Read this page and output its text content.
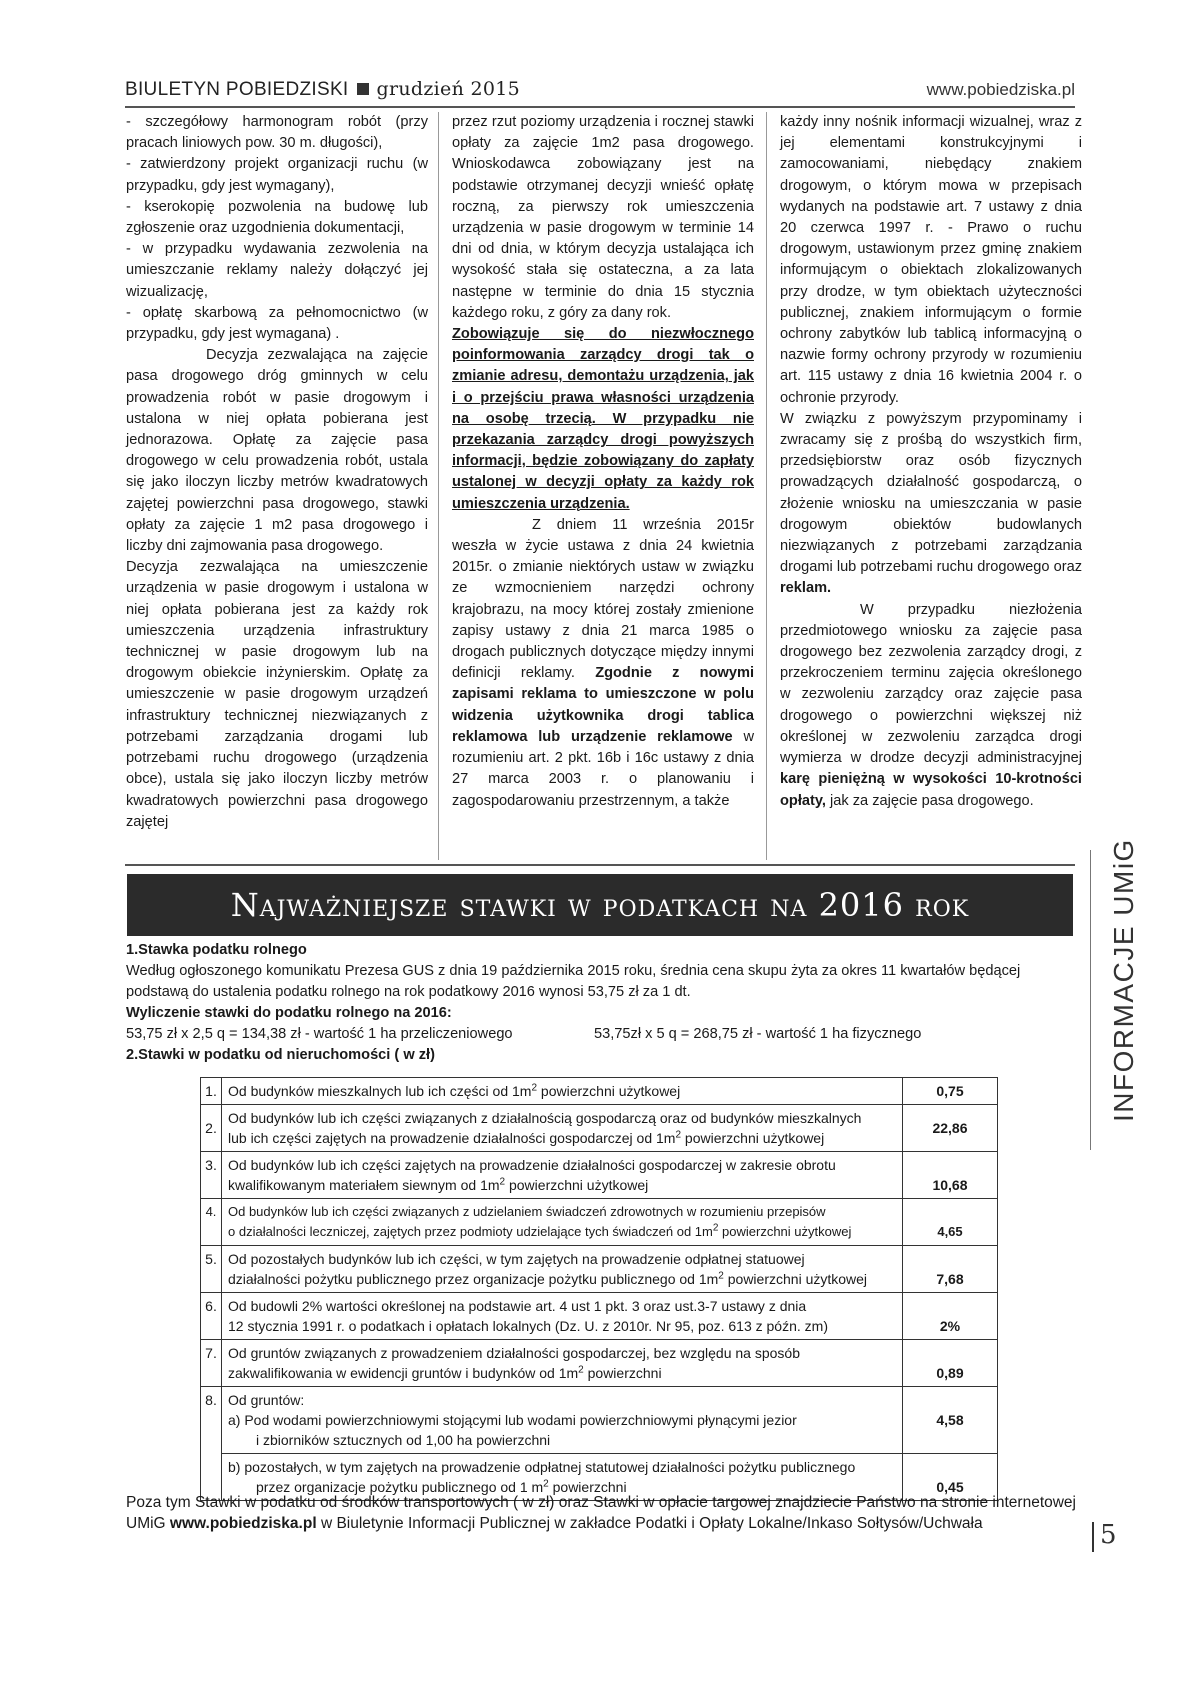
BIULETYN POBIEDZISKI grudzień 2015	www.pobiedziska.pl

- szczegółowy harmonogram robót (przy pracach liniowych pow. 30 m. długości),

- zatwierdzony projekt organizacji ruchu (w przypadku, gdy jest wymagany),

- kserokopię pozwolenia na budowę lub zgłoszenie oraz uzgodnienia dokumentacji,

- w przypadku wydawania zezwolenia na umieszczanie reklamy należy dołączyć jej wizualizację,

- opłatę skarbową za pełnomocnictwo (w przypadku, gdy jest wymagana) .

Decyzja zezwalająca na zajęcie pasa drogowego dróg gminnych w celu prowadzenia robót w pasie drogowym i ustalona w niej opłata pobierana jest jednorazowa. Opłatę za zajęcie pasa drogowego w celu prowadzenia robót, ustala się jako iloczyn liczby metrów kwadratowych zajętej powierzchni pasa drogowego, stawki opłaty za zajęcie 1 m2 pasa drogowego i liczby dni zajmowania pasa drogowego.

Decyzja zezwalająca na umieszczenie urządzenia w pasie drogowym i ustalona w niej opłata pobierana jest za każdy rok umieszczenia urządzenia infrastruktury technicznej w pasie drogowym lub na drogowym obiekcie inżynierskim. Opłatę za umieszczenie w pasie drogowym urządzeń infrastruktury technicznej niezwiązanych z potrzebami zarządzania drogami lub potrzebami ruchu drogowego (urządzenia obce), ustala się jako iloczyn liczby metrów kwadratowych powierzchni pasa drogowego zajętej

przez rzut poziomy urządzenia i rocznej stawki opłaty za zajęcie 1m2 pasa drogowego. Wnioskodawca zobowiązany jest na podstawie otrzymanej decyzji wnieść opłatę roczną, za pierwszy rok umieszczenia urządzenia w pasie drogowym w terminie 14 dni od dnia, w którym decyzja ustalająca ich wysokość stała się ostateczna, a za lata następne w terminie do dnia 15 stycznia każdego roku, z góry za dany rok.

Zobowiązuje się do niezwłocznego poinformowania zarządcy drogi tak o zmianie adresu, demontażu urządzenia, jak i o przejściu prawa własności urządzenia na osobę trzecią. W przypadku nie przekazania zarządcy drogi powyższych informacji, będzie zobowiązany do zapłaty ustalonej w decyzji opłaty za każdy rok umieszczenia urządzenia.

Z dniem 11 września 2015r weszła w życie ustawa z dnia 24 kwietnia 2015r. o zmianie niektórych ustaw w związku ze wzmocnieniem narzędzi ochrony krajobrazu, na mocy której zostały zmienione zapisy ustawy z dnia 21 marca 1985 o drogach publicznych dotyczące między innymi definicji reklamy. Zgodnie z nowymi zapisami reklama to umieszczone w polu widzenia użytkownika drogi tablica reklamowa lub urządzenie reklamowe w rozumieniu art. 2 pkt. 16b i 16c ustawy z dnia 27 marca 2003 r. o planowaniu i zagospodarowaniu przestrzennym, a także

każdy inny nośnik informacji wizualnej, wraz z jej elementami konstrukcyjnymi i zamocowaniami, niebędący znakiem drogowym, o którym mowa w przepisach wydanych na podstawie art. 7 ustawy z dnia 20 czerwca 1997 r. - Prawo o ruchu drogowym, ustawionym przez gminę znakiem informującym o obiektach zlokalizowanych przy drodze, w tym obiektach użyteczności publicznej, znakiem informującym o formie ochrony zabytków lub tablicą informacyjną o nazwie formy ochrony przyrody w rozumieniu art. 115 ustawy z dnia 16 kwietnia 2004 r. o ochronie przyrody.

W związku z powyższym przypominamy i zwracamy się z prośbą do wszystkich firm, przedsiębiorstw oraz osób fizycznych prowadzących działalność gospodarczą, o złożenie wniosku na umieszczania w pasie drogowym obiektów budowlanych niezwiązanych z potrzebami zarządzania drogami lub potrzebami ruchu drogowego oraz reklam.

W przypadku niezłożenia przedmiotowego wniosku za zajęcie pasa drogowego bez zezwolenia zarządcy drogi, z przekroczeniem terminu zajęcia określonego w zezwoleniu zarządcy oraz zajęcie pasa drogowego o powierzchni większej niż określonej w zezwoleniu zarządca drogi wymierza w drodze decyzji administracyjnej karę pieniężną w wysokości 10-krotności opłaty, jak za zajęcie pasa drogowego.

INFORMACJE UMiG
Najważniejsze stawki w podatkach na 2016 rok

1.Stawka podatku rolnego

Według ogłoszonego komunikatu Prezesa GUS z dnia 19 października 2015 roku, średnia cena skupu żyta za okres 11 kwartałów będącej podstawą do ustalenia podatku rolnego na rok podatkowy 2016 wynosi 53,75 zł za 1 dt.

Wyliczenie stawki do podatku rolnego na 2016:

53,75 zł x 2,5 q = 134,38 zł - wartość 1 ha przeliczeniowego	53,75zł x 5 q = 268,75 zł - wartość 1 ha fizycznego

2.Stawki w podatku od nieruchomości ( w zł)

1.	Od budynków mieszkalnych lub ich części od $1m^2$ powierzchni użytkowej	0,75
2.	Od budynków lub ich części związanych z działalnością gospodarczą oraz od budynków mieszkalnych
lub ich części zajętych na prowadzenie działalności gospodarczej od $1m^2$ powierzchni użytkowej	22,86
3.	Od budynków lub ich części zajętych na prowadzenie działalności gospodarczej w zakresie obrotu
kwalifikowanym materiałem siewnym od $1m^2$ powierzchni użytkowej	10,68
4.	Od budynków lub ich części związanych z udzielaniem świadczeń zdrowotnych w rozumieniu przepisów
o działalności leczniczej, zajętych przez podmioty udzielające tych świadczeń od $1m^2$ powierzchni użytkowej	4,65
5.	Od pozostałych budynków lub ich części, w tym zajętych na prowadzenie odpłatnej statuowej
działalności pożytku publicznego przez organizacje pożytku publicznego od $1m^2$ powierzchni użytkowej	7,68
6.	Od budowli 2% wartości określonej na podstawie art. 4 ust 1 pkt. 3 oraz ust.3-7 ustawy z dnia
12 stycznia 1991 r. o podatkach i opłatach lokalnych (Dz. U. z 2010r. Nr 95, poz. 613 z późn. zm)	2%
7.	Od gruntów związanych z prowadzeniem działalności gospodarczej, bez względu na sposób
zakwalifikowania w ewidencji gruntów i budynków od $1m^2$ powierzchni	0,89
8.	Od gruntów:
a) Pod wodami powierzchniowymi stojącymi lub wodami powierzchniowymi płynącymi jezior
i zbiorników sztucznych od 1,00 ha powierzchni	4,58

	b) pozostałych, w tym zajętych na prowadzenie odpłatnej statutowej działalności pożytku publicznego
przez organizacje pożytku publicznego od 1 $m^2$ powierzchni	0,45

Poza tym Stawki w podatku od środków transportowych ( w zł) oraz Stawki w opłacie targowej znajdziecie Państwo na stronie internetowej UMiG www.pobiedziska.pl w Biuletynie Informacji Publicznej w zakładce Podatki i Opłaty Lokalne/Inkaso Sołtysów/Uchwała	5
